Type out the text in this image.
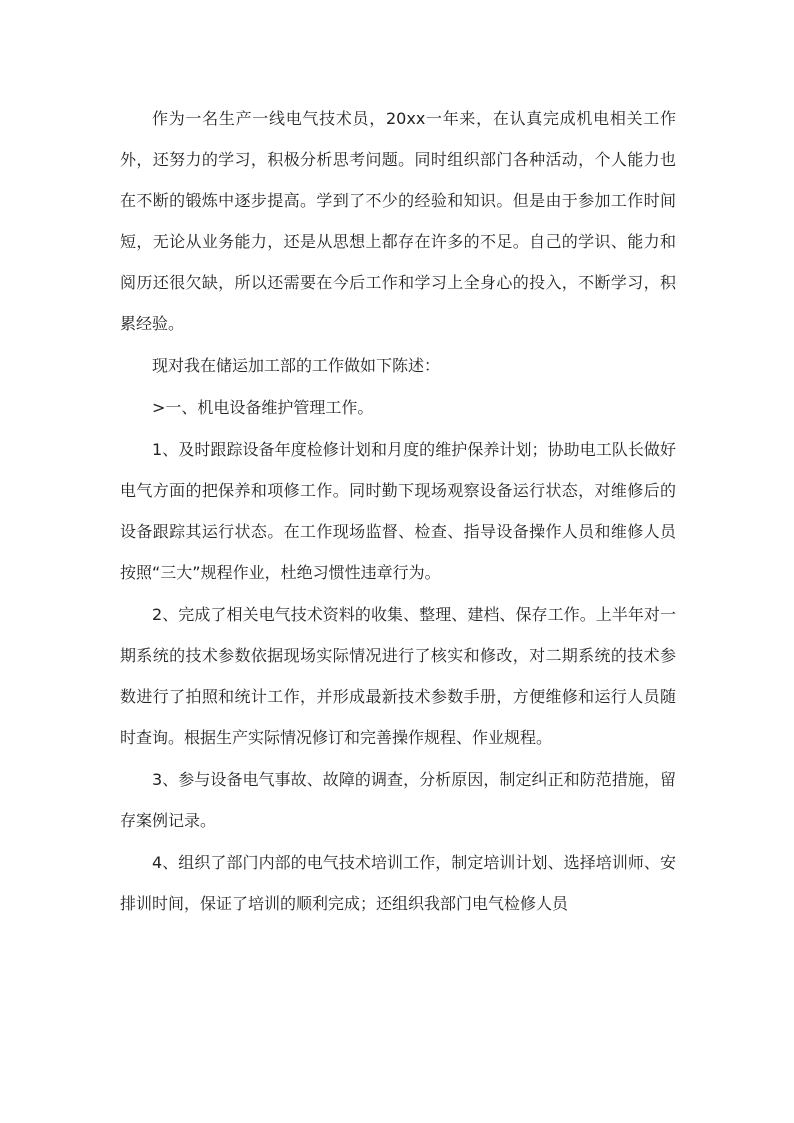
作为一名生产一线电气技术员，20xx一年来，在认真完成机电相关工作外，还努力的学习，积极分析思考问题。同时组织部门各种活动，个人能力也在不断的锻炼中逐步提高。学到了不少的经验和知识。但是由于参加工作时间短，无论从业务能力，还是从思想上都存在许多的不足。自己的学识、能力和阅历还很欠缺，所以还需要在今后工作和学习上全身心的投入，不断学习，积累经验。

现对我在储运加工部的工作做如下陈述：

>一、机电设备维护管理工作。

1、及时跟踪设备年度检修计划和月度的维护保养计划；协助电工队长做好电气方面的把保养和项修工作。同时勤下现场观察设备运行状态，对维修后的设备跟踪其运行状态。在工作现场监督、检查、指导设备操作人员和维修人员按照“三大”规程作业，杜绝习惯性违章行为。

2、完成了相关电气技术资料的收集、整理、建档、保存工作。上半年对一期系统的技术参数依据现场实际情况进行了核实和修改，对二期系统的技术参数进行了拍照和统计工作，并形成最新技术参数手册，方便维修和运行人员随时查询。根据生产实际情况修订和完善操作规程、作业规程。

3、参与设备电气事故、故障的调查，分析原因，制定纠正和防范措施，留存案例记录。

4、组织了部门内部的电气技术培训工作，制定培训计划、选择培训师、安排训时间，保证了培训的顺利完成；还组织我部门电气检修人员
